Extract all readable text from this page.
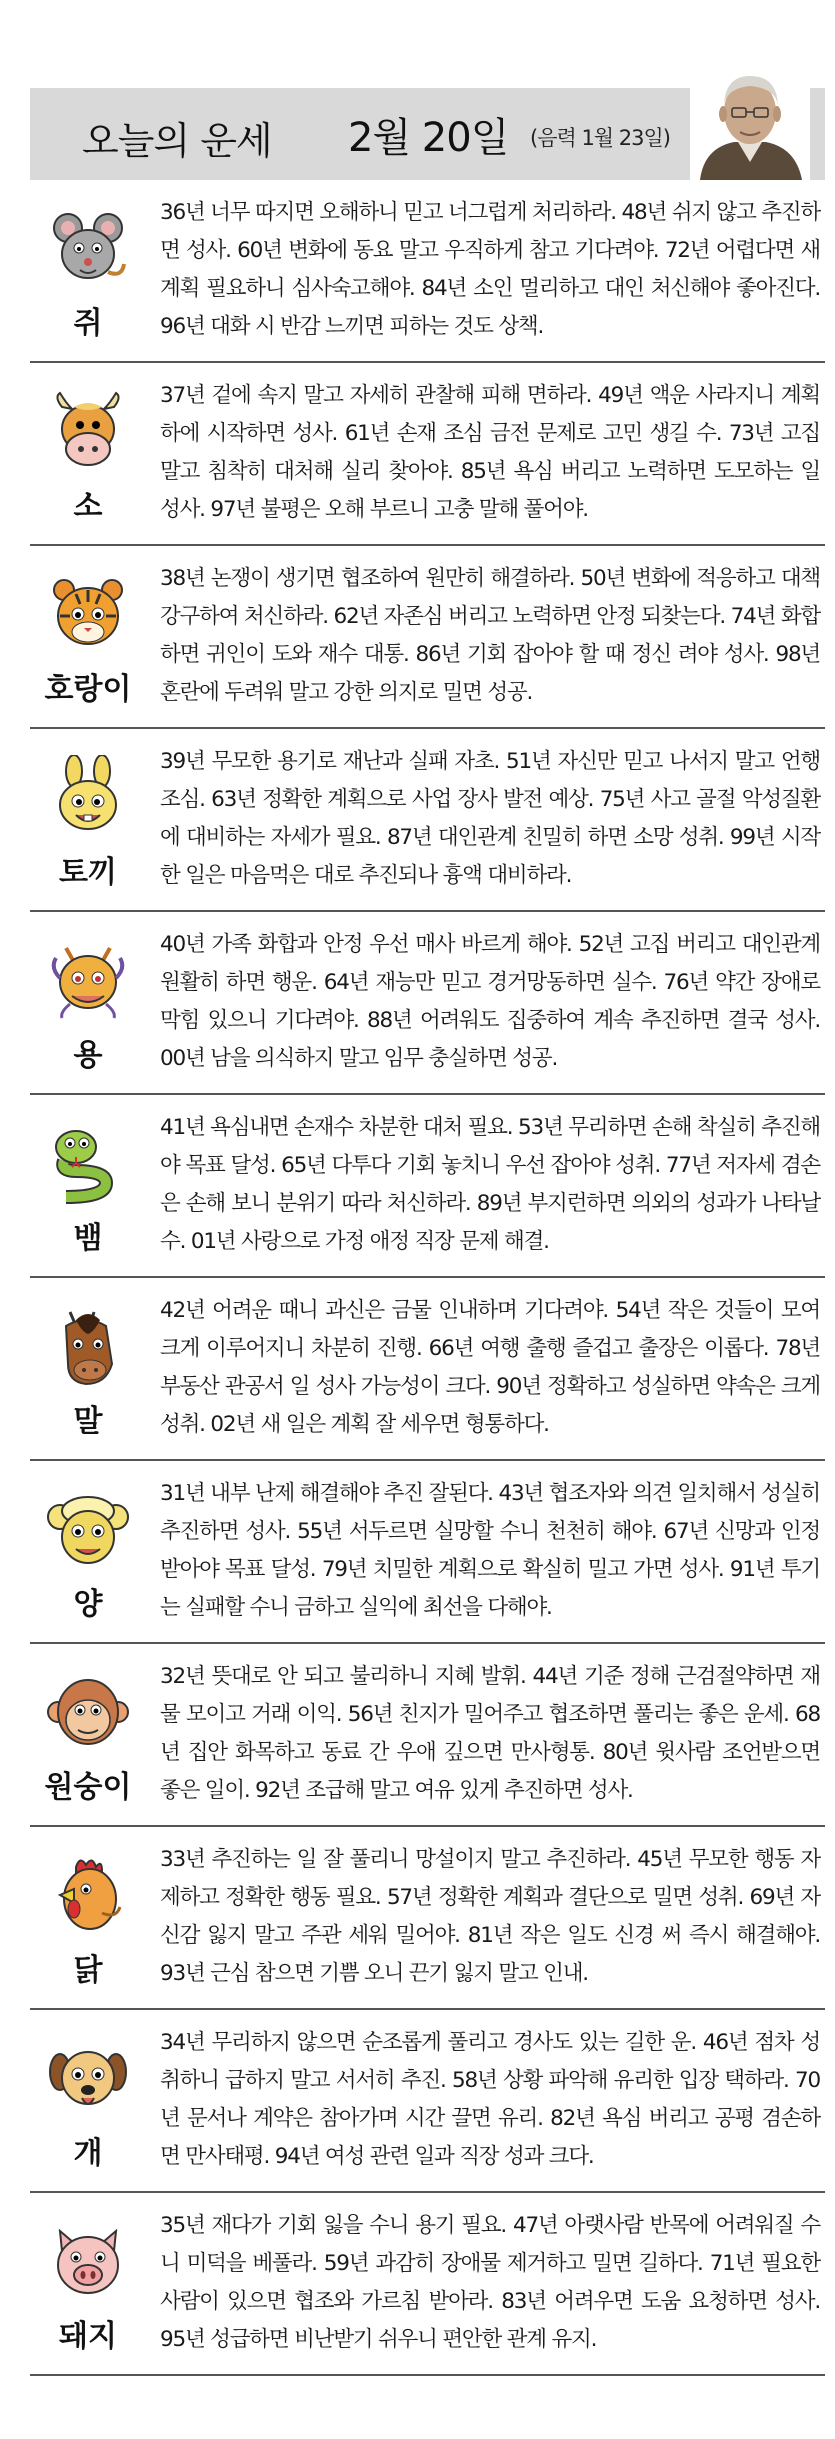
오늘의 운세 2월 20일 (음력 1월 23일)
쥐
36년 너무 따지면 오해하니 믿고 너그럽게 처리하라. 48년 쉬지 않고 추진하면 성사. 60년 변화에 동요 말고 우직하게 참고 기다려야. 72년 어렵다면 새 계획 필요하니 심사숙고해야. 84년 소인 멀리하고 대인 처신해야 좋아진다. 96년 대화 시 반감 느끼면 피하는 것도 상책.
소
37년 겉에 속지 말고 자세히 관찰해 피해 면하라. 49년 액운 사라지니 계획하에 시작하면 성사. 61년 손재 조심 금전 문제로 고민 생길 수. 73년 고집 말고 침착히 대처해 실리 찾아야. 85년 욕심 버리고 노력하면 도모하는 일 성사. 97년 불평은 오해 부르니 고충 말해 풀어야.
호랑이
38년 논쟁이 생기면 협조하여 원만히 해결하라. 50년 변화에 적응하고 대책 강구하여 처신하라. 62년 자존심 버리고 노력하면 안정 되찾는다. 74년 화합하면 귀인이 도와 재수 대통. 86년 기회 잡아야 할 때 정신 려야 성사. 98년 혼란에 두려워 말고 강한 의지로 밀면 성공.
토끼
39년 무모한 용기로 재난과 실패 자초. 51년 자신만 믿고 나서지 말고 언행 조심. 63년 정확한 계획으로 사업 장사 발전 예상. 75년 사고 골절 악성질환에 대비하는 자세가 필요. 87년 대인관계 친밀히 하면 소망 성취. 99년 시작한 일은 마음먹은 대로 추진되나 흉액 대비하라.
용
40년 가족 화합과 안정 우선 매사 바르게 해야. 52년 고집 버리고 대인관계 원활히 하면 행운. 64년 재능만 믿고 경거망동하면 실수. 76년 약간 장애로 막힘 있으니 기다려야. 88년 어려워도 집중하여 계속 추진하면 결국 성사. 00년 남을 의식하지 말고 임무 충실하면 성공.
뱀
41년 욕심내면 손재수 차분한 대처 필요. 53년 무리하면 손해 착실히 추진해야 목표 달성. 65년 다투다 기회 놓치니 우선 잡아야 성취. 77년 저자세 겸손은 손해 보니 분위기 따라 처신하라. 89년 부지런하면 의외의 성과가 나타날 수. 01년 사랑으로 가정 애정 직장 문제 해결.
말
42년 어려운 때니 과신은 금물 인내하며 기다려야. 54년 작은 것들이 모여 크게 이루어지니 차분히 진행. 66년 여행 출행 즐겁고 출장은 이롭다. 78년 부동산 관공서 일 성사 가능성이 크다. 90년 정확하고 성실하면 약속은 크게 성취. 02년 새 일은 계획 잘 세우면 형통하다.
양
31년 내부 난제 해결해야 추진 잘된다. 43년 협조자와 의견 일치해서 성실히 추진하면 성사. 55년 서두르면 실망할 수니 천천히 해야. 67년 신망과 인정받아야 목표 달성. 79년 치밀한 계획으로 확실히 밀고 가면 성사. 91년 투기는 실패할 수니 금하고 실익에 최선을 다해야.
원숭이
32년 뜻대로 안 되고 불리하니 지혜 발휘. 44년 기준 정해 근검절약하면 재물 모이고 거래 이익. 56년 친지가 밀어주고 협조하면 풀리는 좋은 운세. 68년 집안 화목하고 동료 간 우애 깊으면 만사형통. 80년 윗사람 조언받으면 좋은 일이. 92년 조급해 말고 여유 있게 추진하면 성사.
닭
33년 추진하는 일 잘 풀리니 망설이지 말고 추진하라. 45년 무모한 행동 자제하고 정확한 행동 필요. 57년 정확한 계획과 결단으로 밀면 성취. 69년 자신감 잃지 말고 주관 세워 밀어야. 81년 작은 일도 신경 써 즉시 해결해야. 93년 근심 참으면 기쁨 오니 끈기 잃지 말고 인내.
개
34년 무리하지 않으면 순조롭게 풀리고 경사도 있는 길한 운. 46년 점차 성취하니 급하지 말고 서서히 추진. 58년 상황 파악해 유리한 입장 택하라. 70년 문서나 계약은 참아가며 시간 끌면 유리. 82년 욕심 버리고 공평 겸손하면 만사태평. 94년 여성 관련 일과 직장 성과 크다.
돼지
35년 재다가 기회 잃을 수니 용기 필요. 47년 아랫사람 반목에 어려워질 수니 미덕을 베풀라. 59년 과감히 장애물 제거하고 밀면 길하다. 71년 필요한 사람이 있으면 협조와 가르침 받아라. 83년 어려우면 도움 요청하면 성사. 95년 성급하면 비난받기 쉬우니 편안한 관계 유지.
